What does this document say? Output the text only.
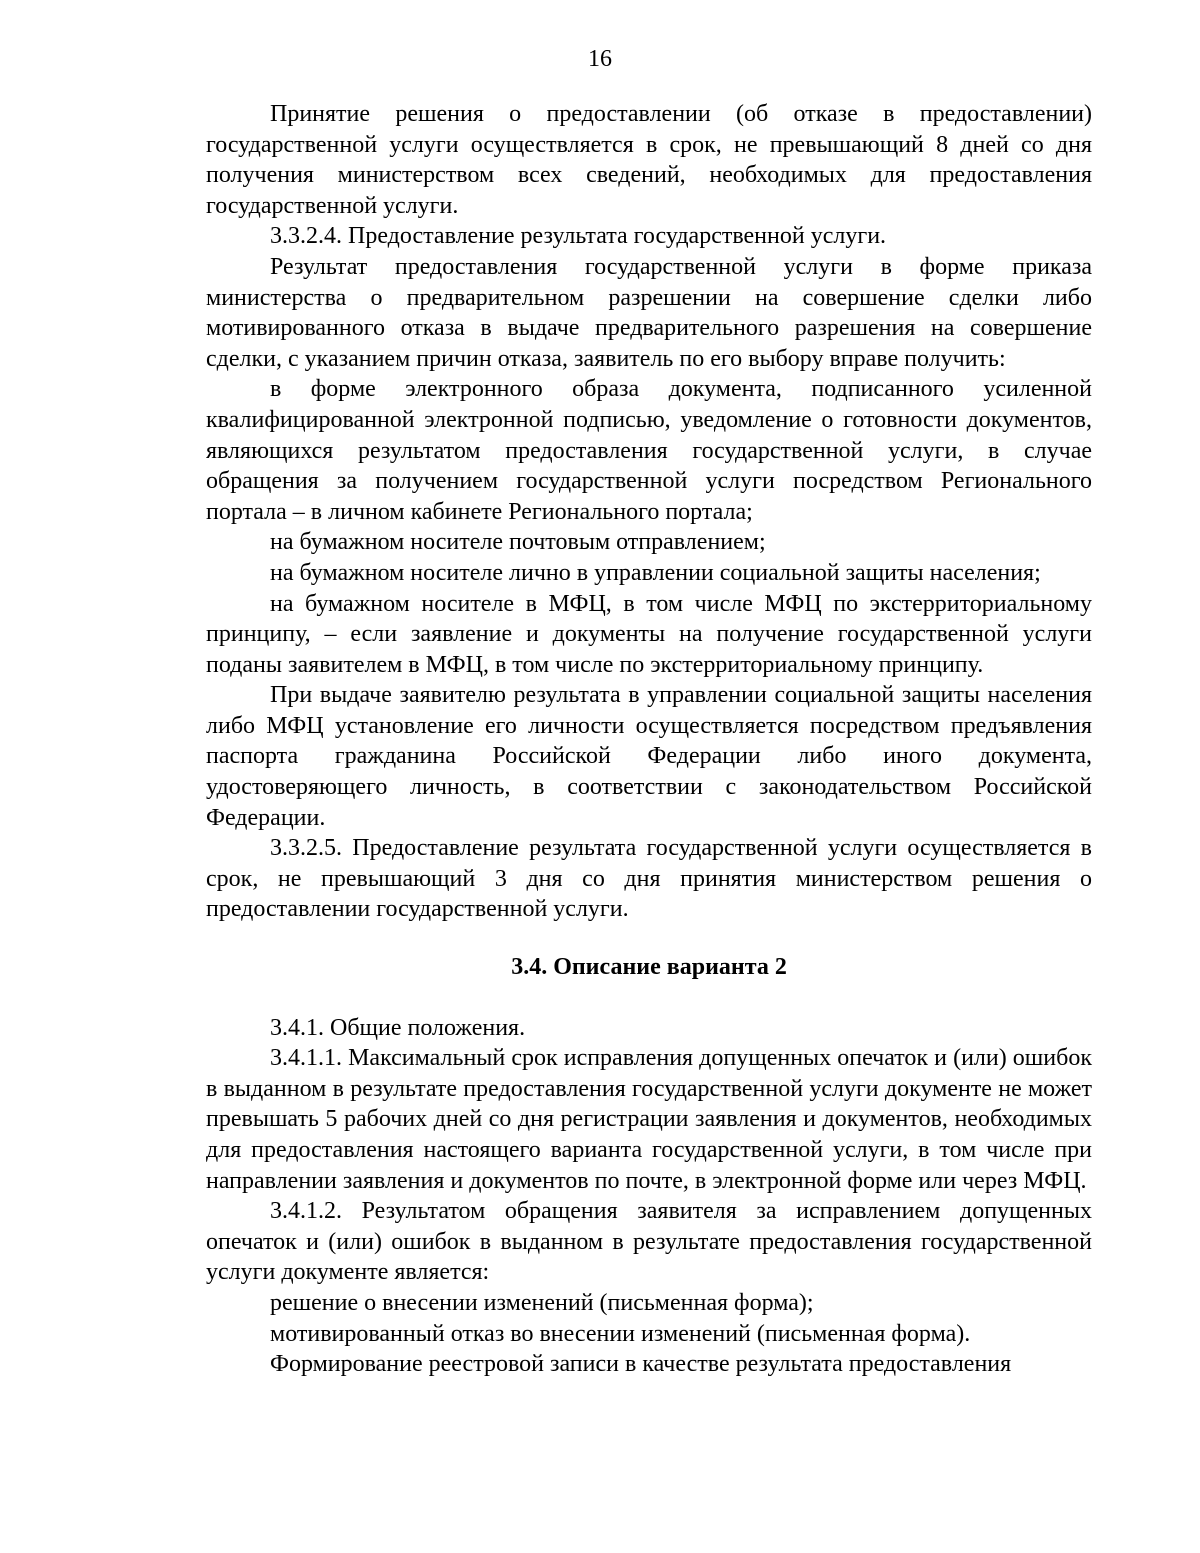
16

Принятие решения о предоставлении (об отказе в предоставлении) государственной услуги осуществляется в срок, не превышающий 8 дней со дня получения министерством всех сведений, необходимых для предоставления государственной услуги.

3.3.2.4. Предоставление результата государственной услуги.

Результат предоставления государственной услуги в форме приказа министерства о предварительном разрешении на совершение сделки либо мотивированного отказа в выдаче предварительного разрешения на совершение сделки, с указанием причин отказа, заявитель по его выбору вправе получить:

в форме электронного образа документа, подписанного усиленной квалифицированной электронной подписью, уведомление о готовности документов, являющихся результатом предоставления государственной услуги, в случае обращения за получением государственной услуги посредством Регионального портала – в личном кабинете Регионального портала;

на бумажном носителе почтовым отправлением;

на бумажном носителе лично в управлении социальной защиты населения;

на бумажном носителе в МФЦ, в том числе МФЦ по экстерриториальному принципу, – если заявление и документы на получение государственной услуги поданы заявителем в МФЦ, в том числе по экстерриториальному принципу.

При выдаче заявителю результата в управлении социальной защиты населения либо МФЦ установление его личности осуществляется посредством предъявления паспорта гражданина Российской Федерации либо иного документа, удостоверяющего личность, в соответствии с законодательством Российской Федерации.

3.3.2.5. Предоставление результата государственной услуги осуществляется в срок, не превышающий 3 дня со дня принятия министерством решения о предоставлении государственной услуги.

3.4. Описание варианта 2

3.4.1. Общие положения.

3.4.1.1. Максимальный срок исправления допущенных опечаток и (или) ошибок в выданном в результате предоставления государственной услуги документе не может превышать 5 рабочих дней со дня регистрации заявления и документов, необходимых для предоставления настоящего варианта государственной услуги, в том числе при направлении заявления и документов по почте, в электронной форме или через МФЦ.

3.4.1.2. Результатом обращения заявителя за исправлением допущенных опечаток и (или) ошибок в выданном в результате предоставления государственной услуги документе является:

решение о внесении изменений (письменная форма);

мотивированный отказ во внесении изменений (письменная форма).

Формирование реестровой записи в качестве результата предоставления
